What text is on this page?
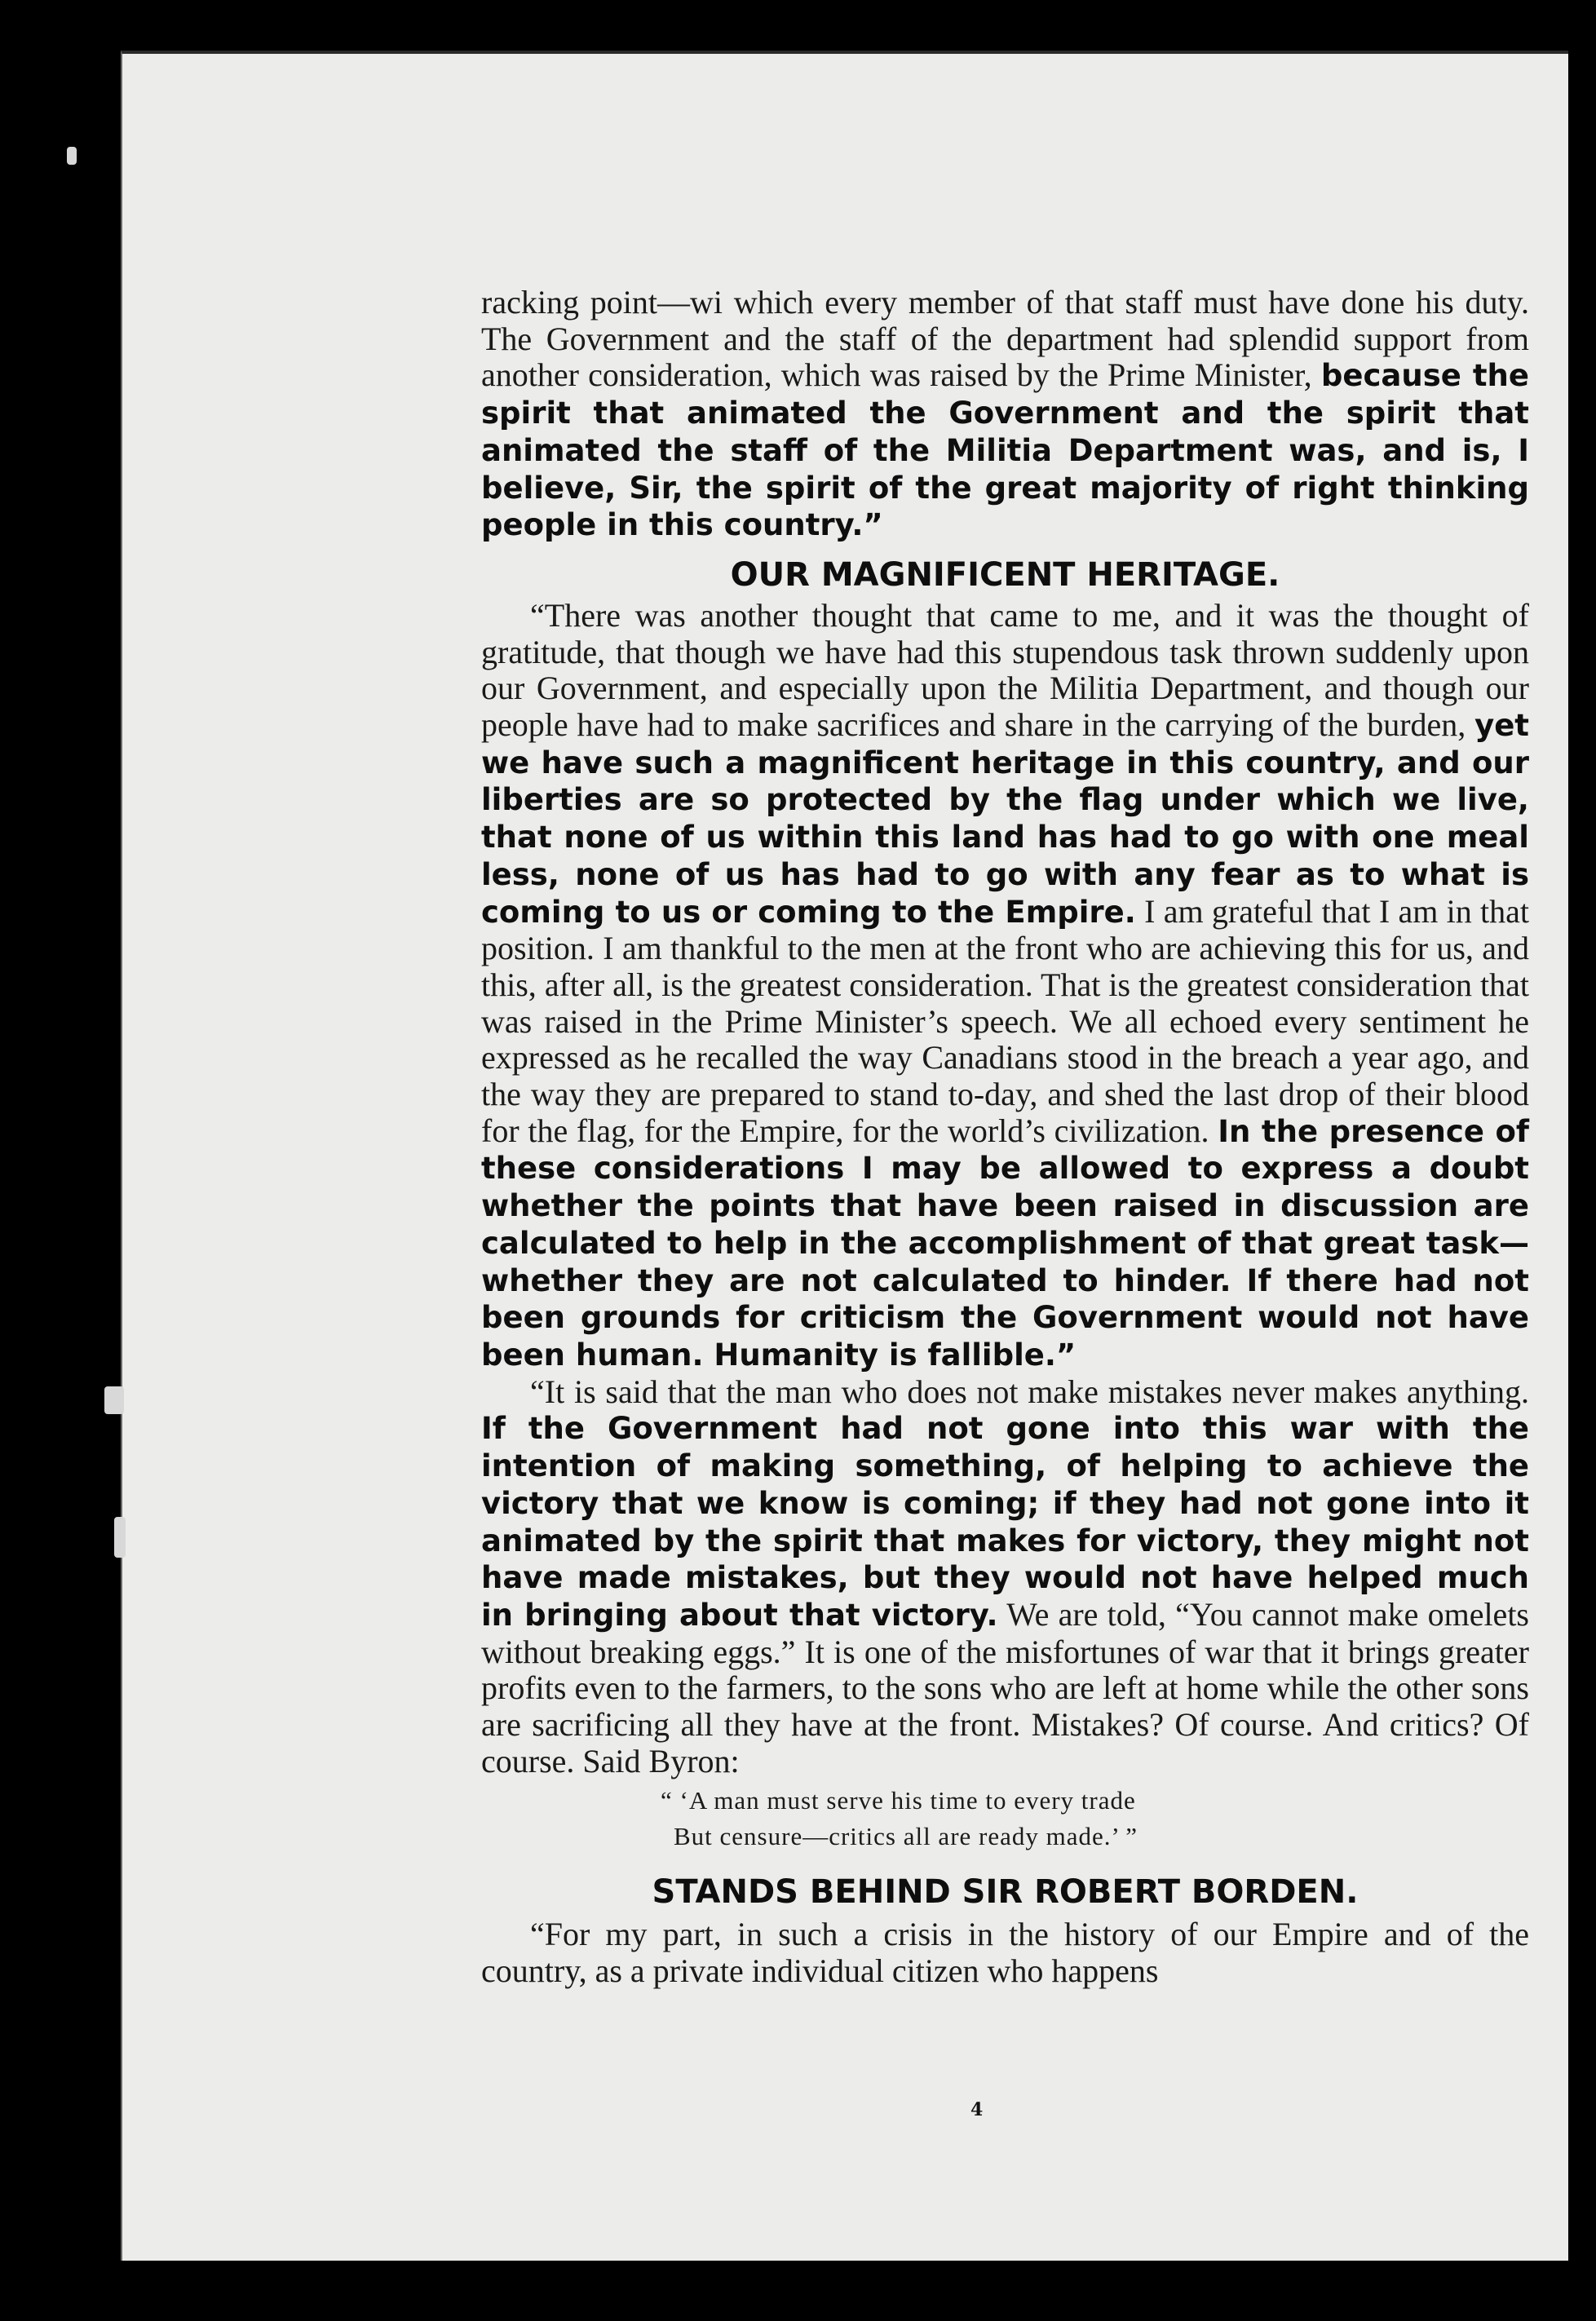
racking point—wi which every member of that staff must have done his duty. The Government and the staff of the department had splendid support from another consideration, which was raised by the Prime Minister, because the spirit that animated the Government and the spirit that animated the staff of the Militia Department was, and is, I believe, Sir, the spirit of the great majority of right thinking people in this country.”

OUR MAGNIFICENT HERITAGE.

“There was another thought that came to me, and it was the thought of gratitude, that though we have had this stupendous task thrown suddenly upon our Government, and especially upon the Militia Department, and though our people have had to make sacrifices and share in the carrying of the burden, yet we have such a magnificent heritage in this country, and our liberties are so protected by the flag under which we live, that none of us within this land has had to go with one meal less, none of us has had to go with any fear as to what is coming to us or coming to the Empire. I am grateful that I am in that position. I am thankful to the men at the front who are achieving this for us, and this, after all, is the greatest consideration. That is the greatest consideration that was raised in the Prime Minister’s speech. We all echoed every sentiment he expressed as he recalled the way Canadians stood in the breach a year ago, and the way they are prepared to stand to-day, and shed the last drop of their blood for the flag, for the Empire, for the world’s civilization. In the presence of these considerations I may be allowed to express a doubt whether the points that have been raised in discussion are calculated to help in the accomplishment of that great task—whether they are not calculated to hinder. If there had not been grounds for criticism the Government would not have been human. Humanity is fallible.”

“It is said that the man who does not make mistakes never makes anything. If the Government had not gone into this war with the intention of making something, of helping to achieve the victory that we know is coming; if they had not gone into it animated by the spirit that makes for victory, they might not have made mistakes, but they would not have helped much in bringing about that victory. We are told, “You cannot make omelets without breaking eggs.” It is one of the misfortunes of war that it brings greater profits even to the farmers, to the sons who are left at home while the other sons are sacrificing all they have at the front. Mistakes? Of course. And critics? Of course. Said Byron:

“ ‘A man must serve his time to every trade
But censure—critics all are ready made.’ ”
STANDS BEHIND SIR ROBERT BORDEN.

“For my part, in such a crisis in the history of our Empire and of the country, as a private individual citizen who happens

4
